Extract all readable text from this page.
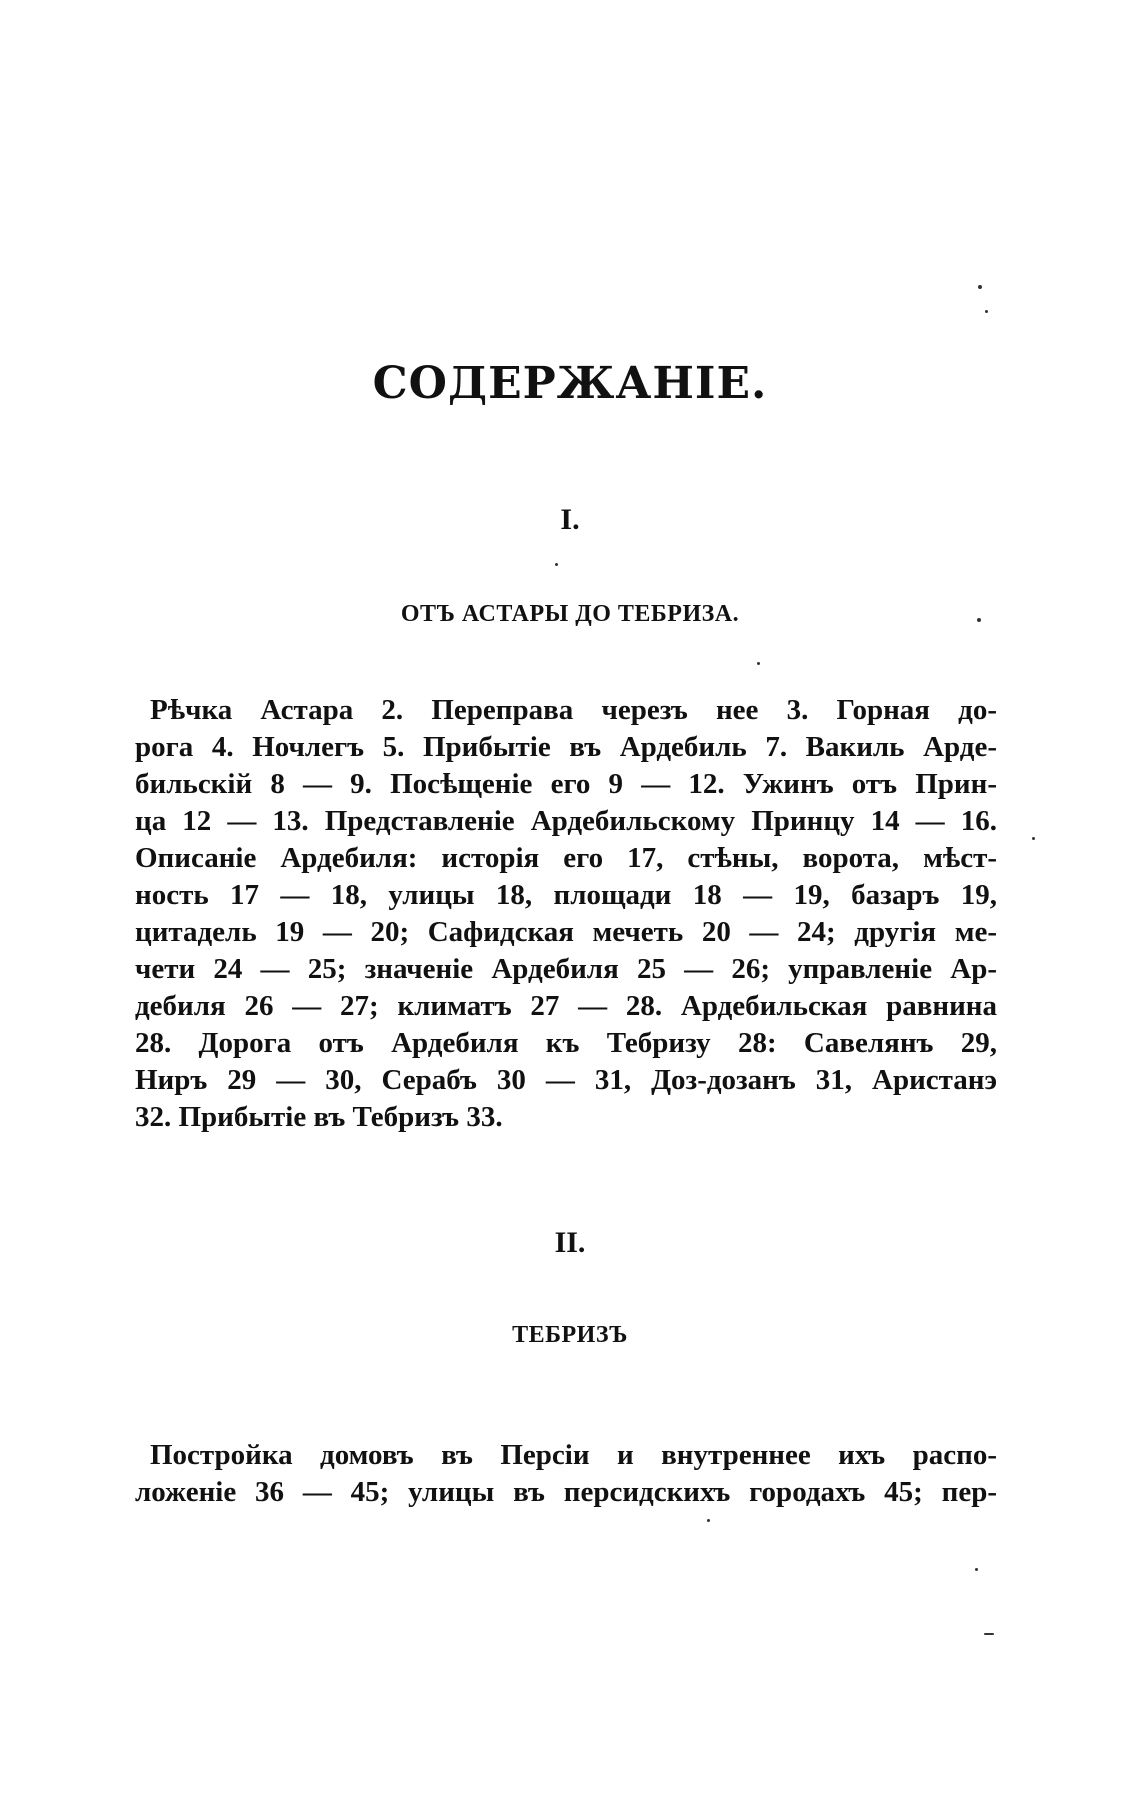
СОДЕРЖАНІЕ.
I.
ОТЪ АСТАРЫ ДО ТЕБРИЗА.
Рѣчка Астара 2. Переправа черезъ нее 3. Горная до-
рога 4. Ночлегъ 5. Прибытіе въ Ардебиль 7. Вакиль Арде-
бильскій 8 — 9. Посѣщеніе его 9 — 12. Ужинъ отъ Прин-
ца 12 — 13. Представленіе Ардебильскому Принцу 14 — 16.
Описаніе Ардебиля: исторія его 17, стѣны, ворота, мѣст-
ность 17 — 18, улицы 18, площади 18 — 19, базаръ 19,
цитадель 19 — 20; Сафидская мечеть 20 — 24; другія ме-
чети 24 — 25; значеніе Ардебиля 25 — 26; управленіе Ар-
дебиля 26 — 27; климатъ 27 — 28. Ардебильская равнина
28. Дорога отъ Ардебиля къ Тебризу 28: Савелянъ 29,
Ниръ 29 — 30, Серабъ 30 — 31, Доз-дозанъ 31, Аристанэ
32. Прибытіе въ Тебризъ 33.
II.
ТЕБРИЗЪ
Постройка домовъ въ Персіи и внутреннее ихъ распо-
ложеніе 36 — 45; улицы въ персидскихъ городахъ 45; пер-
